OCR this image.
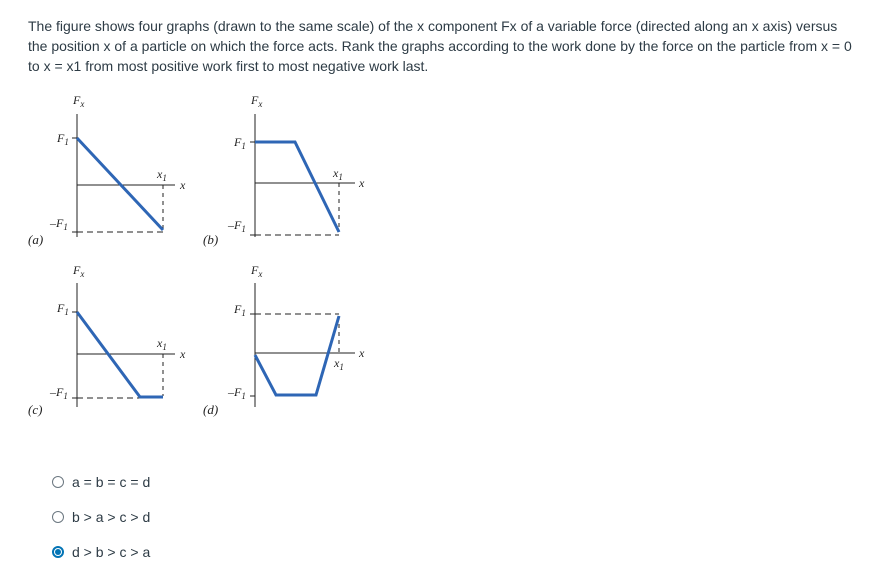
The figure shows four graphs (drawn to the same scale) of the x component Fx of a variable force (directed along an x axis) versus the position x of a particle on which the force acts. Rank the graphs according to the work done by the force on the particle from x = 0 to x = x1 from most positive work first to most negative work last.
$F_x$
$F_1$
$-F_1$
$x_1$ x
(a)
$F_x$
$F_1$
$-F_1$
$x_1$ x
(b)
$F_x$
$F_1$
$-F_1$
$x_1$ x
(c)
$F_x$
$F_1$
$-F_1$
$x_1$
x
(d)
a = b = c = d
b > a > c > d
d > b > c > a
